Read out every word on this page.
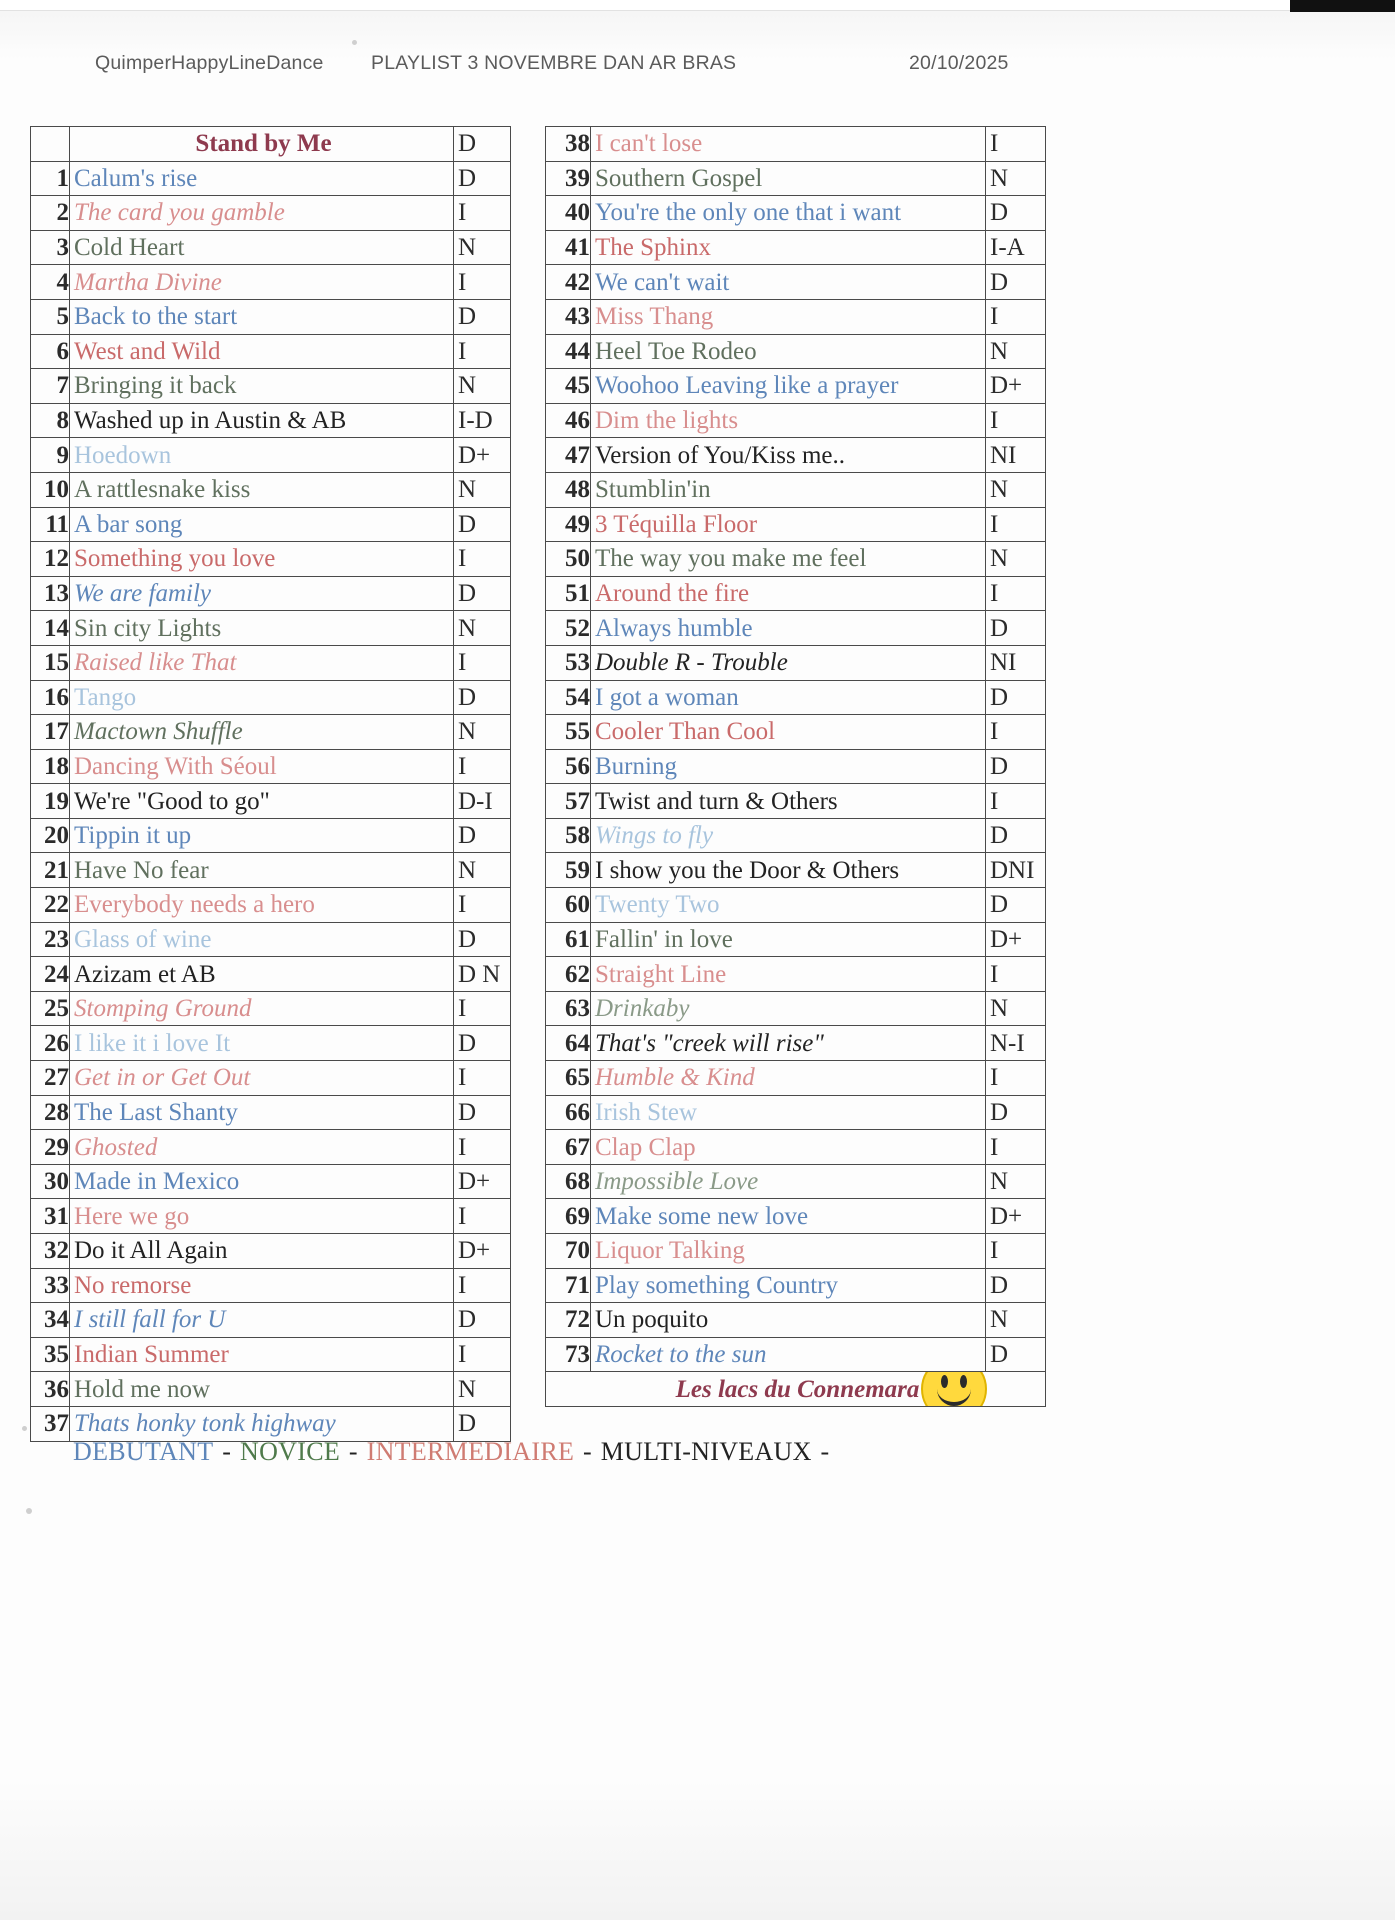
QuimperHappyLineDance PLAYLIST 3 NOVEMBRE DAN AR BRAS	20/10/2025
	Stand by Me	D
1	Calum's rise	D
2	The card you gamble	I
3	Cold Heart	N
4	Martha Divine	I
5	Back to the start	D
6	West and Wild	I
7	Bringing it back	N
8	Washed up in Austin & AB	I-D
9	Hoedown	D+
10	A rattlesnake kiss	N
11	A bar song	D
12	Something you love	I
13	We are family	D
14	Sin city Lights	N
15	Raised like That	I
16	Tango	D
17	Mactown Shuffle	N
18	Dancing With Séoul	I
19	We're "Good to go"	D-I
20	Tippin it up	D
21	Have No fear	N
22	Everybody needs a hero	I
23	Glass of wine	D
24	Azizam et AB	D N
25	Stomping Ground	I
26	I like it i love It	D
27	Get in or Get Out	I
28	The Last Shanty	D
29	Ghosted	I
30	Made in Mexico	D+
31	Here we go	I
32	Do it All Again	D+
33	No remorse	I
34	I still fall for U	D
35	Indian Summer	I
36	Hold me now	N
37	Thats honky tonk highway	D
38	I can't lose	I
39	Southern Gospel	N
40	You're the only one that i want	D
41	The Sphinx	I-A
42	We can't wait	D
43	Miss Thang	I
44	Heel Toe Rodeo	N
45	Woohoo Leaving like a prayer	D+
46	Dim the lights	I
47	Version of You/Kiss me..	NI
48	Stumblin'in	N
49	3 Téquilla Floor	I
50	The way you make me feel	N
51	Around the fire	I
52	Always humble	D
53	Double R - Trouble	NI
54	I got a woman	D
55	Cooler Than Cool	I
56	Burning	D
57	Twist and turn & Others	I
58	Wings to fly	D
59	I show you the Door & Others	DNI
60	Twenty Two	D
61	Fallin' in love	D+
62	Straight Line	I
63	Drinkaby	N
64	That's "creek will rise"	N-I
65	Humble & Kind	I
66	Irish Stew	D
67	Clap Clap	I
68	Impossible Love	N
69	Make some new love	D+
70	Liquor Talking	I
71	Play something Country	D
72	Un poquito	N
73	Rocket to the sun	D
Les lacs du Connemara		
DEBUTANT - NOVICE - INTERMEDIAIRE - MULTI-NIVEAUX -
